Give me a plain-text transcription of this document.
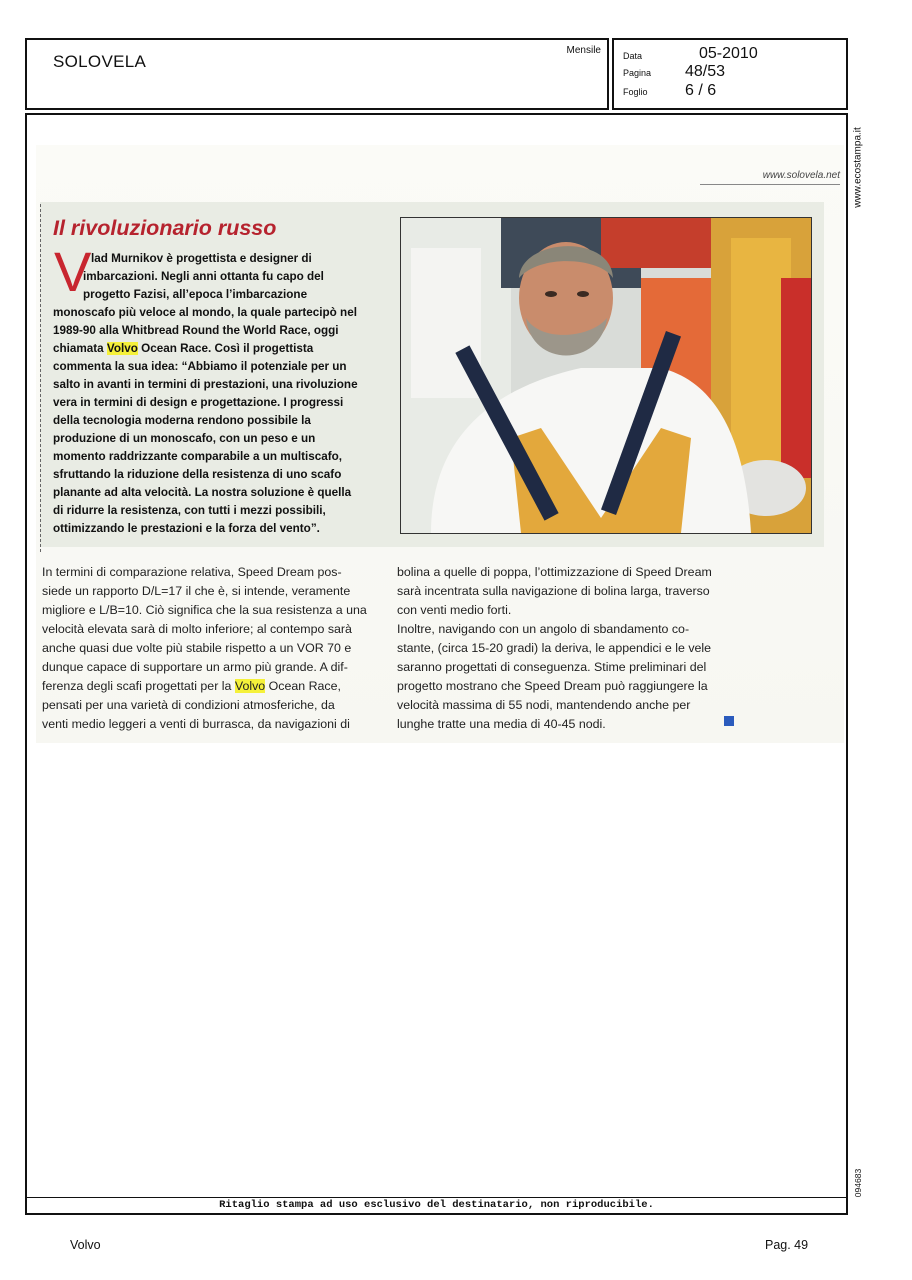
SOLOVELA
Mensile Data	05-2010
Pagina 48/53
Foglio 6 / 6
www.ecostampa.it
www.solovela.net
Il rivoluzionario russo
V lad Murnikov è progettista e designer di
imbarcazioni. Negli anni ottanta fu capo del
progetto Fazisi, all’epoca l’imbarcazione
monoscafo più veloce al mondo, la quale partecipò nel
1989-90 alla Whitbread Round the World Race, oggi
chiamata Volvo Ocean Race. Così il progettista
commenta la sua idea: “Abbiamo il potenziale per un
salto in avanti in termini di prestazioni, una rivoluzione
vera in termini di design e progettazione. I progressi
della tecnologia moderna rendono possibile la
produzione di un monoscafo, con un peso e un
momento raddrizzante comparabile a un multiscafo,
sfruttando la riduzione della resistenza di uno scafo
planante ad alta velocità. La nostra soluzione è quella
di ridurre la resistenza, con tutti i mezzi possibili,
ottimizzando le prestazioni e la forza del vento”.
In termini di comparazione relativa, Speed Dream pos-
siede un rapporto D/L=17 il che è, si intende, veramente
migliore e L/B=10. Ciò significa che la sua resistenza a una
velocità elevata sarà di molto inferiore; al contempo sarà
anche quasi due volte più stabile rispetto a un VOR 70 e
dunque capace di supportare un armo più grande. A dif-
ferenza degli scafi progettati per la Volvo Ocean Race,
pensati per una varietà di condizioni atmosferiche, da
venti medio leggeri a venti di burrasca, da navigazioni di
bolina a quelle di poppa, l’ottimizzazione di Speed Dream
sarà incentrata sulla navigazione di bolina larga, traverso
con venti medio forti.
Inoltre, navigando con un angolo di sbandamento co-
stante, (circa 15-20 gradi) la deriva, le appendici e le vele
saranno progettati di conseguenza. Stime preliminari del
progetto mostrano che Speed Dream può raggiungere la
velocità massima di 55 nodi, mantendendo anche per
lunghe tratte una media di 40-45 nodi.
094683
Ritaglio stampa ad uso esclusivo del destinatario, non riproducibile.
Volvo	Pag. 49
